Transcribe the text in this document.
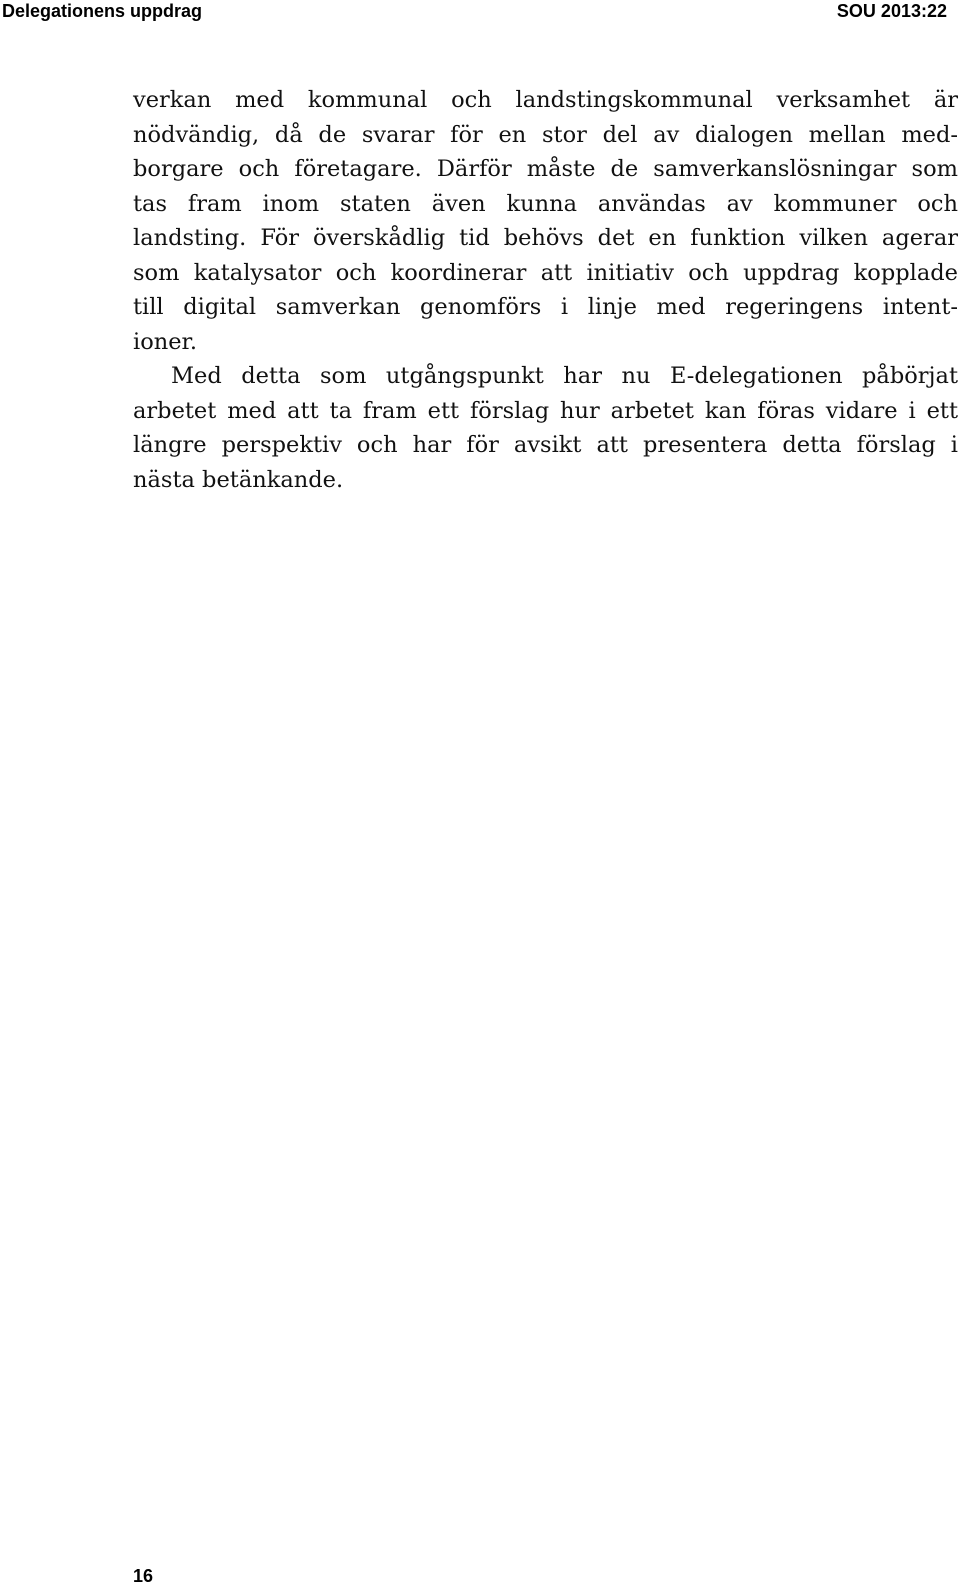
Delegationens uppdrag	SOU 2013:22
verkan med kommunal och landstingskommunal verksamhet är
nödvändig, då de svarar för en stor del av dialogen mellan med-
borgare och företagare. Därför måste de samverkanslösningar som
tas fram inom staten även kunna användas av kommuner och
landsting. För överskådlig tid behövs det en funktion vilken agerar
som katalysator och koordinerar att initiativ och uppdrag kopplade
till digital samverkan genomförs i linje med regeringens intent-
ioner.
Med detta som utgångspunkt har nu E-delegationen påbörjat
arbetet med att ta fram ett förslag hur arbetet kan föras vidare i ett
längre perspektiv och har för avsikt att presentera detta förslag i
nästa betänkande.
16
